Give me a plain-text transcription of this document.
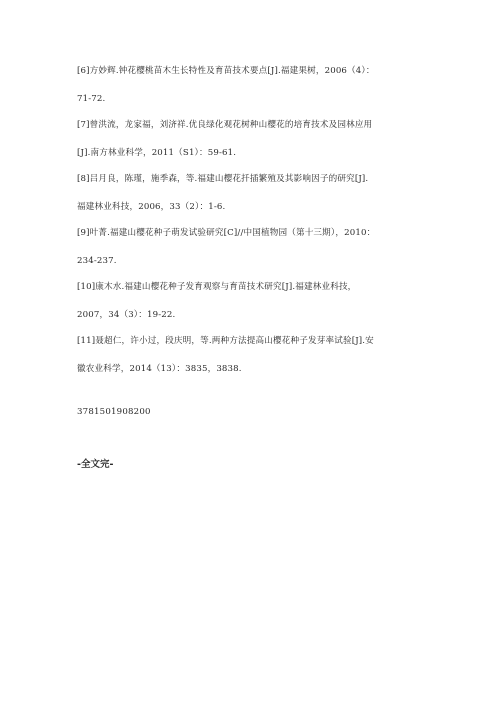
[6]方妙辉.钟花樱桃苗木生长特性及育苗技术要点[J].福建果树，2006（4）：
71-72.

[7]曾洪流，龙家福，刘济祥.优良绿化观花树种山樱花的培育技术及园林应用
[J].南方林业科学，2011（S1）：59-61.

[8]吕月良，陈瑾，施季森，等.福建山樱花扦插繁殖及其影响因子的研究[J].
福建林业科技，2006，33（2）：1-6.

[9]叶菁.福建山樱花种子萌发试验研究[C]//中国植物园（第十三期），2010：
234-237.

[10]康木水.福建山樱花种子发育观察与育苗技术研究[J].福建林业科技，
2007，34（3）：19-22.

[11]聂超仁，许小过，段庆明，等.两种方法提高山樱花种子发芽率试验[J].安
徽农业科学，2014（13）：3835，3838.

3781501908200

-全文完-
